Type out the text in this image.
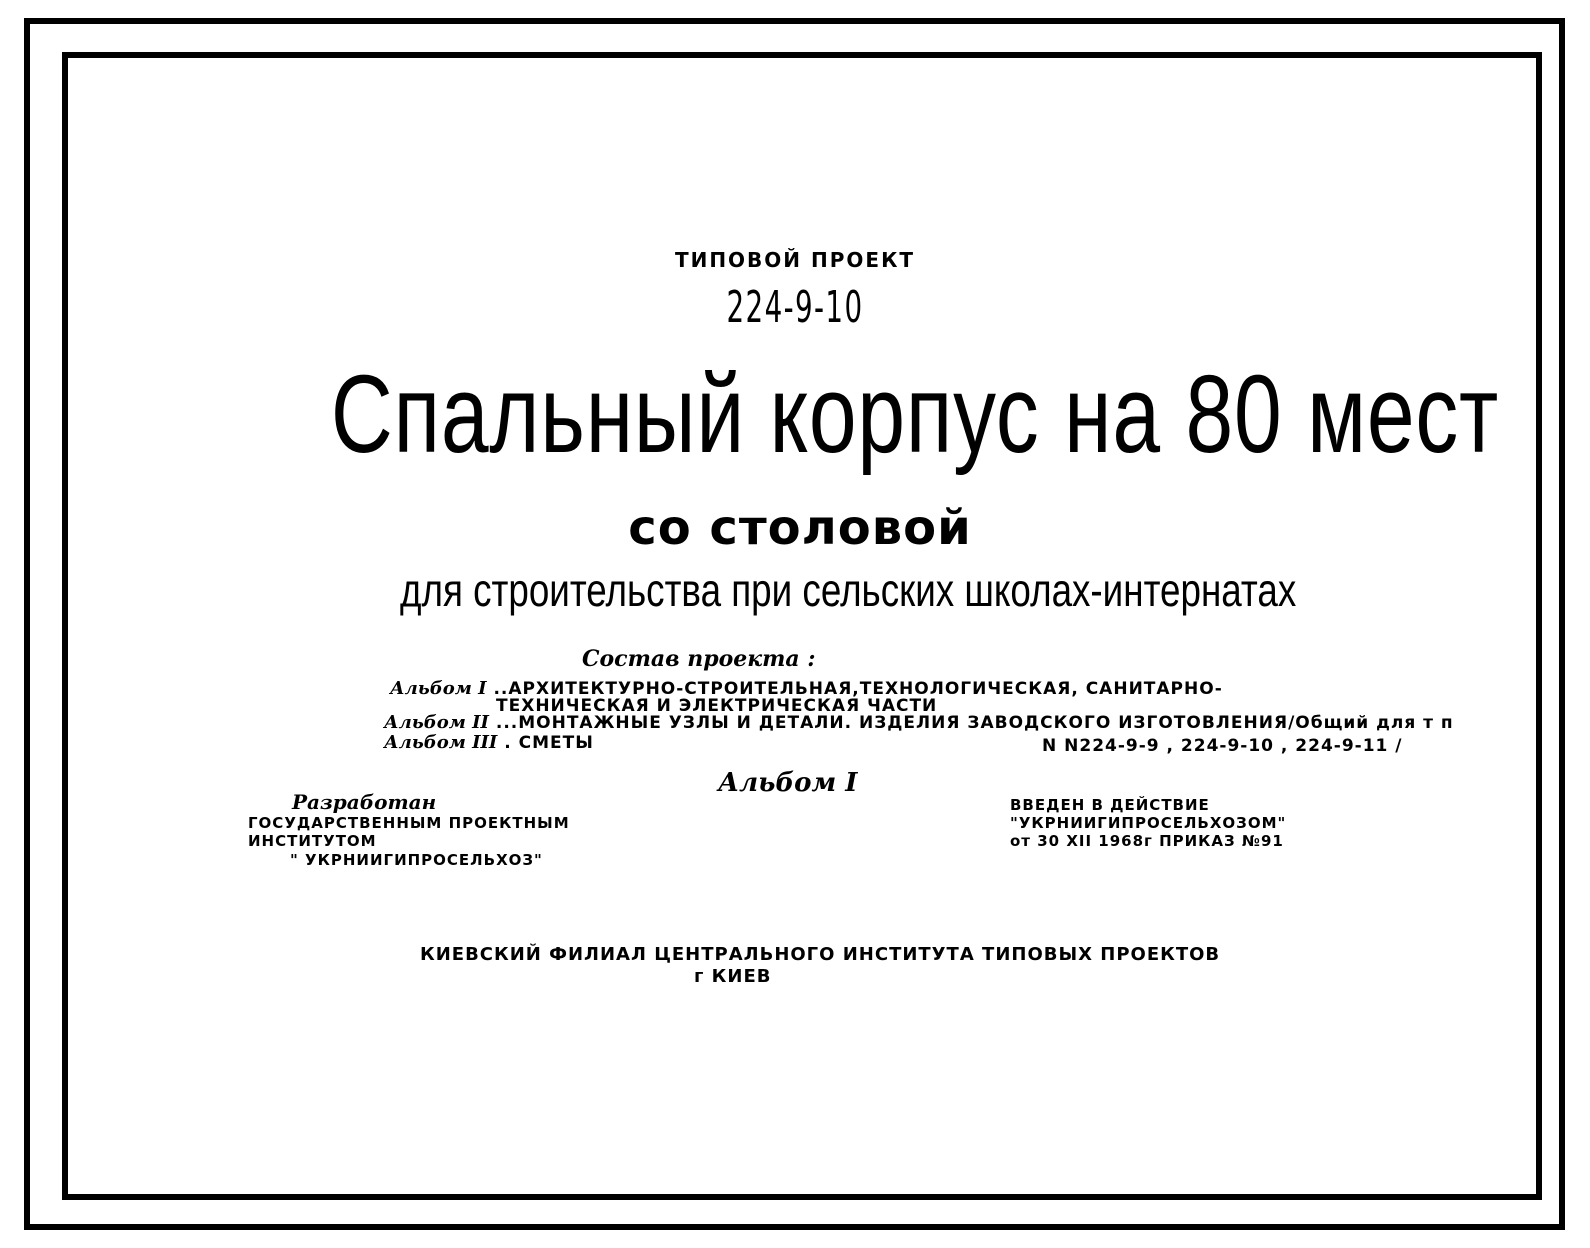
ТИПОВОЙ ПРОЕКТ
224-9-10
Спальный корпус на 80 мест
со столовой
для строительства при сельских школах-интернатах
Состав проекта :
Альбом I ..АРХИТЕКТУРНО-СТРОИТЕЛЬНАЯ,ТЕХНОЛОГИЧЕСКАЯ, САНИТАРНО-
ТЕХНИЧЕСКАЯ И ЭЛЕКТРИЧЕСКАЯ ЧАСТИ
Альбом II ...МОНТАЖНЫЕ УЗЛЫ И ДЕТАЛИ. ИЗДЕЛИЯ ЗАВОДСКОГО ИЗГОТОВЛЕНИЯ/Общий для т п
N N224-9-9 , 224-9-10 , 224-9-11 /
Альбом III . СМЕТЫ
Альбом I
Разработан
ГОСУДАРСТВЕННЫМ ПРОЕКТНЫМ
ИНСТИТУТОМ
" УКРНИИГИПРОСЕЛЬХОЗ"
ВВЕДЕН В ДЕЙСТВИЕ
"УКРНИИГИПРОСЕЛЬХОЗОМ"
от 30 XII 1968г ПРИКАЗ №91
КИЕВСКИЙ ФИЛИАЛ ЦЕНТРАЛЬНОГО ИНСТИТУТА ТИПОВЫХ ПРОЕКТОВ
г КИЕВ
